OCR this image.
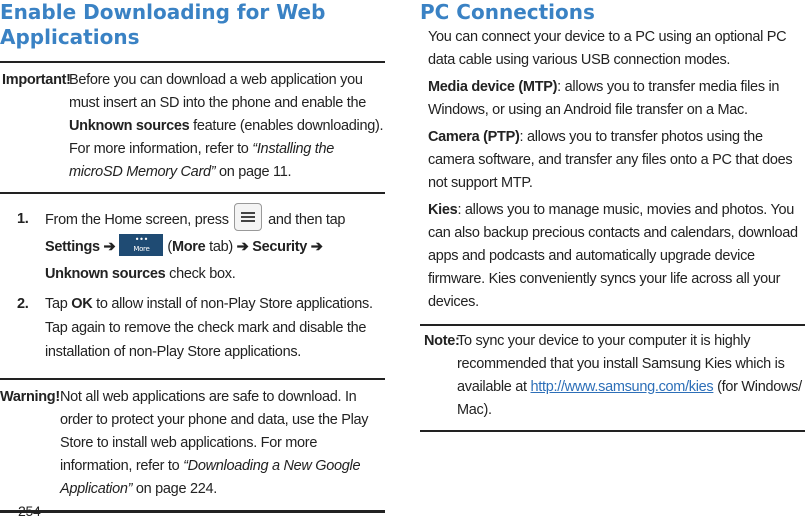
Enable Downloading for Web
Applications
Important!
Before you can download a web application you must insert an SD into the phone and enable the Unknown sources feature (enables downloading). For more information, refer to “Installing the microSD Memory Card” on page 11.
1.	From the Home screen, press
and then tap Settings ➔	•••
More (More tab) ➔ Security ➔ Unknown sources check box.
2.	Tap OK to allow install of non-Play Store applications. Tap again to remove the check mark and disable the installation of non-Play Store applications.
Warning! Not all web applications are safe to download. In order to protect your phone and data, use the Play Store to install web applications. For more information, refer to “Downloading a New Google Application” on page 224.
PC Connections

You can connect your device to a PC using an optional PC data cable using various USB connection modes.

Media device (MTP): allows you to transfer media files in Windows, or using an Android file transfer on a Mac.

Camera (PTP): allows you to transfer photos using the camera software, and transfer any files onto a PC that does not support MTP.

Kies: allows you to manage music, movies and photos. You can also backup precious contacts and calendars, download apps and podcasts and automatically upgrade device firmware. Kies conveniently syncs your life across all your devices.

Note:
To sync your device to your computer it is highly recommended that you install Samsung Kies which is available at http://www.samsung.com/kies (for Windows/ Mac).
254
